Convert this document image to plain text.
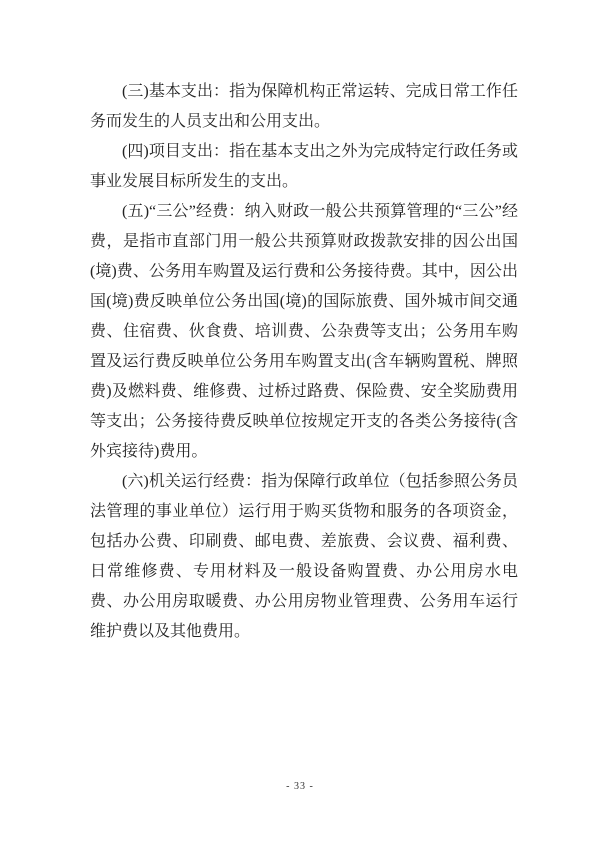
(三)基本支出：指为保障机构正常运转、完成日常工作任务而发生的人员支出和公用支出。

(四)项目支出：指在基本支出之外为完成特定行政任务或事业发展目标所发生的支出。

(五)“三公”经费：纳入财政一般公共预算管理的“三公”经费，是指市直部门用一般公共预算财政拨款安排的因公出国(境)费、公务用车购置及运行费和公务接待费。其中，因公出国(境)费反映单位公务出国(境)的国际旅费、国外城市间交通费、住宿费、伙食费、培训费、公杂费等支出；公务用车购置及运行费反映单位公务用车购置支出(含车辆购置税、牌照费)及燃料费、维修费、过桥过路费、保险费、安全奖励费用等支出；公务接待费反映单位按规定开支的各类公务接待(含外宾接待)费用。

(六)机关运行经费：指为保障行政单位（包括参照公务员法管理的事业单位）运行用于购买货物和服务的各项资金，包括办公费、印刷费、邮电费、差旅费、会议费、福利费、日常维修费、专用材料及一般设备购置费、办公用房水电费、办公用房取暖费、办公用房物业管理费、公务用车运行维护费以及其他费用。

- 33 -
